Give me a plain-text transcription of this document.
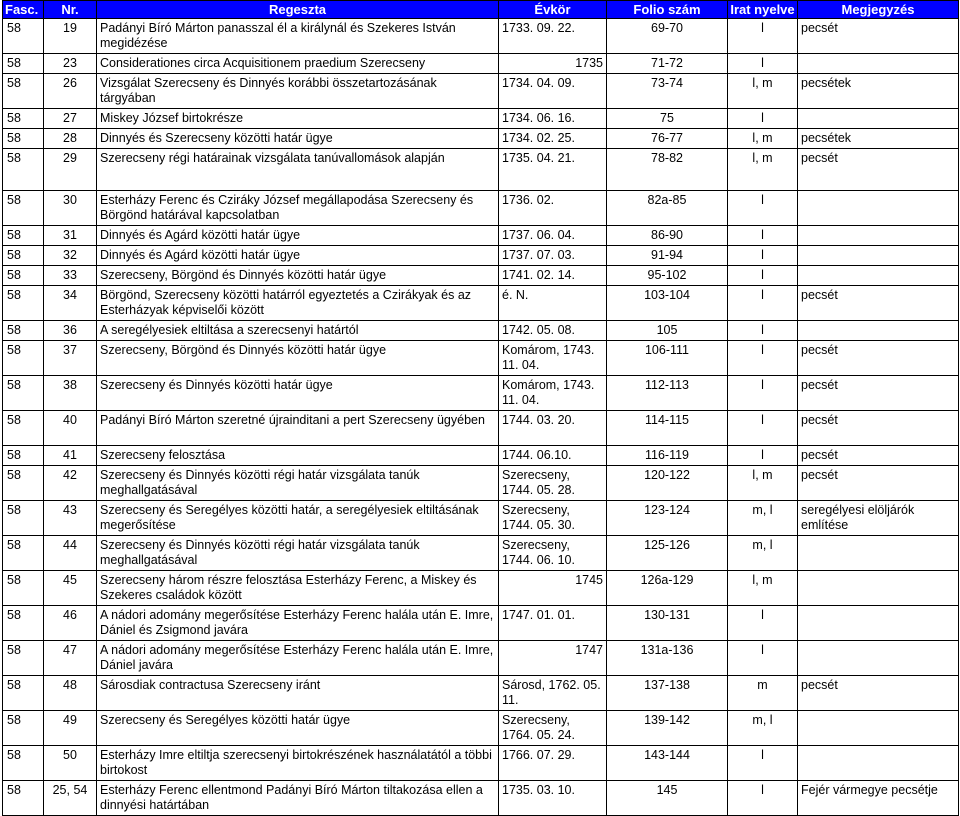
Fasc.	Nr.	Regeszta	Évkör	Folio szám	Irat nyelve	Megjegyzés
58	19	Padányi Bíró Márton panasszal él a királynál és Szekeres István megidézése	1733. 09. 22.	69-70	l	pecsét
58	23	Considerationes circa Acquisitionem praedium Szerecseny	1735	71-72	l	
58	26	Vizsgálat Szerecseny és Dinnyés korábbi összetartozásának tárgyában	1734. 04. 09.	73-74	l, m	pecsétek
58	27	Miskey József birtokrésze	1734. 06. 16.	75	l	
58	28	Dinnyés és Szerecseny közötti határ ügye	1734. 02. 25.	76-77	l, m	pecsétek
58	29	Szerecseny régi határainak vizsgálata tanúvallomások alapján	1735. 04. 21.	78-82	l, m	pecsét
58	30	Esterházy Ferenc és Cziráky József megállapodása Szerecseny és Börgönd határával kapcsolatban	1736. 02.	82a-85	l	
58	31	Dinnyés és Agárd közötti határ ügye	1737. 06. 04.	86-90	l	
58	32	Dinnyés és Agárd közötti határ ügye	1737. 07. 03.	91-94	l	
58	33	Szerecseny, Börgönd és Dinnyés közötti határ ügye	1741. 02. 14.	95-102	l	
58	34	Börgönd, Szerecseny közötti határról egyeztetés a Czirákyak és az Esterházyak képviselői között	é. N.	103-104	l	pecsét
58	36	A seregélyesiek eltiltása a szerecsenyi határtól	1742. 05. 08.	105	l	
58	37	Szerecseny, Börgönd és Dinnyés közötti határ ügye	Komárom, 1743. 11. 04.	106-111	l	pecsét
58	38	Szerecseny és Dinnyés közötti határ ügye	Komárom, 1743. 11. 04.	112-113	l	pecsét
58	40	Padányi Bíró Márton szeretné újrainditani a pert Szerecseny ügyében	1744. 03. 20.	114-115	l	pecsét
58	41	Szerecseny felosztása	1744. 06.10.	116-119	l	pecsét
58	42	Szerecseny és Dinnyés közötti régi határ vizsgálata tanúk meghallgatásával	Szerecseny, 1744. 05. 28.	120-122	l, m	pecsét
58	43	Szerecseny és Seregélyes közötti határ, a seregélyesiek eltiltásának megerősítése	Szerecseny, 1744. 05. 30.	123-124	m, l	seregélyesi elöljárók említése
58	44	Szerecseny és Dinnyés közötti régi határ vizsgálata tanúk meghallgatásával	Szerecseny, 1744. 06. 10.	125-126	m, l	
58	45	Szerecseny három részre felosztása Esterházy Ferenc, a Miskey és Szekeres családok között	1745	126a-129	l, m	
58	46	A nádori adomány megerősítése Esterházy Ferenc halála után E. Imre, Dániel és Zsigmond javára	1747. 01. 01.	130-131	l	
58	47	A nádori adomány megerősítése Esterházy Ferenc halála után E. Imre, Dániel javára	1747	131a-136	l	
58	48	Sárosdiak contractusa Szerecseny iránt	Sárosd, 1762. 05. 11.	137-138	m	pecsét
58	49	Szerecseny és Seregélyes közötti határ ügye	Szerecseny, 1764. 05. 24.	139-142	m, l	
58	50	Esterházy Imre eltiltja szerecsenyi birtokrészének használatától a többi birtokost	1766. 07. 29.	143-144	l	
58	25, 54	Esterházy Ferenc ellentmond Padányi Bíró Márton tiltakozása ellen a dinnyési határtában	1735. 03. 10.	145	l	Fejér vármegye pecsétje
